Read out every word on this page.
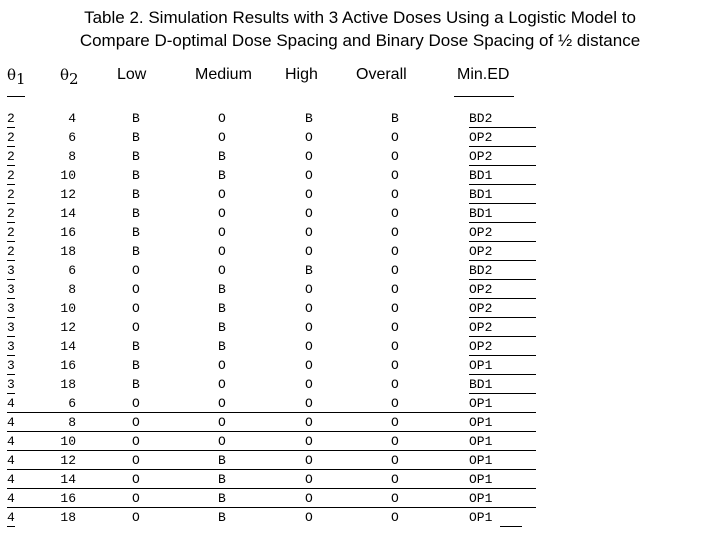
Table 2. Simulation Results with 3 Active Doses Using a Logistic Model to
Compare D-optimal Dose Spacing and Binary Dose Spacing of ½ distance
$\theta_1$ $\theta_2$ Low	Medium High Overall	Min.ED
2	4	B	O	B	B	BD2
2	6	B	O	O	O	OP2
2	8	B	B	O	O	OP2
2	10	B	B	O	O	BD1
2	12	B	O	O	O	BD1
2	14	B	O	O	O	BD1
2	16	B	O	O	O	OP2
2	18	B	O	O	O	OP2
3	6	O	O	B	O	BD2
3	8	O	B	O	O	OP2
3	10	O	B	O	O	OP2
3	12	O	B	O	O	OP2
3	14	B	B	O	O	OP2
3	16	B	O	O	O	OP1
3	18	B	O	O	O	BD1
4	6	O	O	O	O	OP1
4	8	O	O	O	O	OP1
4	10	O	O	O	O	OP1
4	12	O	B	O	O	OP1
4	14	O	B	O	O	OP1
4	16	O	B	O	O	OP1
4	18	O	B	O	O	OP1
